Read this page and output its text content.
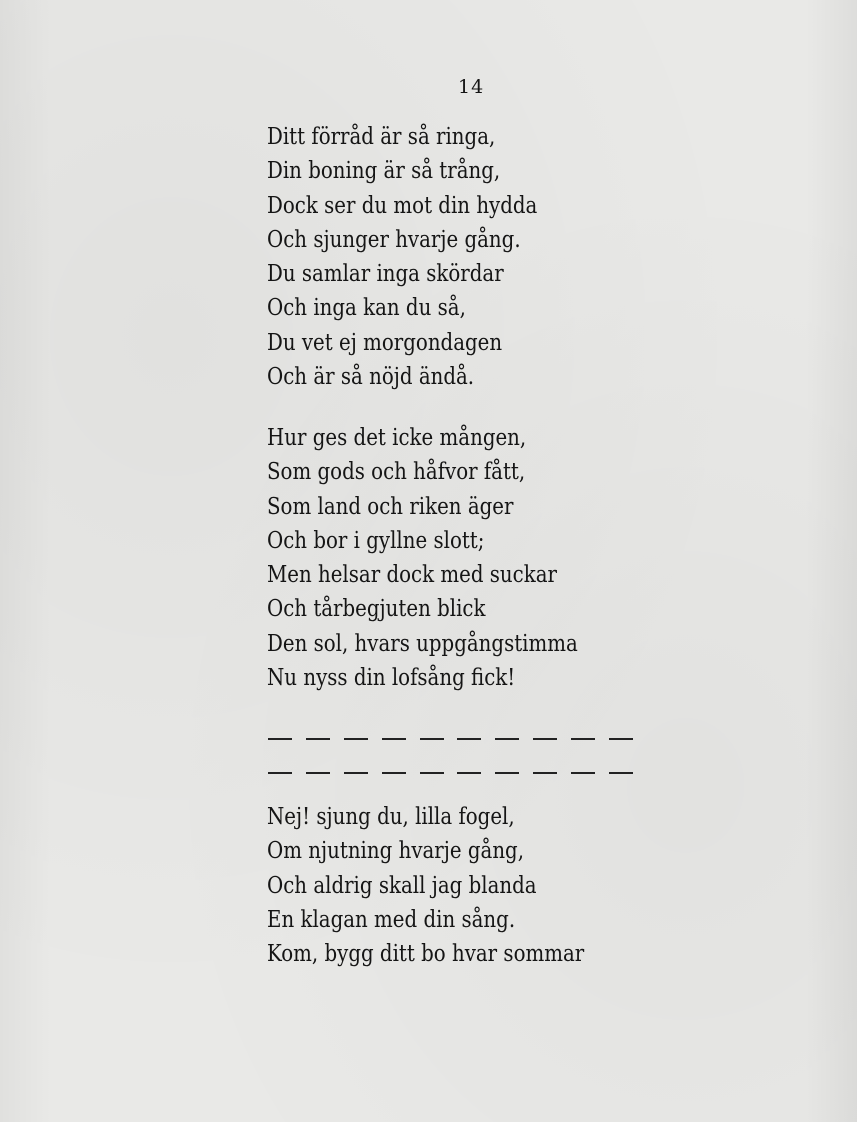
14
Ditt förråd är så ringa,
Din boning är så trång,
Dock ser du mot din hydda
Och sjunger hvarje gång.
Du samlar inga skördar
Och inga kan du så,
Du vet ej morgondagen
Och är så nöjd ändå.
Hur ges det icke mången,
Som gods och håfvor fått,
Som land och riken äger
Och bor i gyllne slott;
Men helsar dock med suckar
Och tårbegjuten blick
Den sol, hvars uppgångstimma
Nu nyss din lofsång fick!
Nej! sjung du, lilla fogel,
Om njutning hvarje gång,
Och aldrig skall jag blanda
En klagan med din sång.
Kom, bygg ditt bo hvar sommar
